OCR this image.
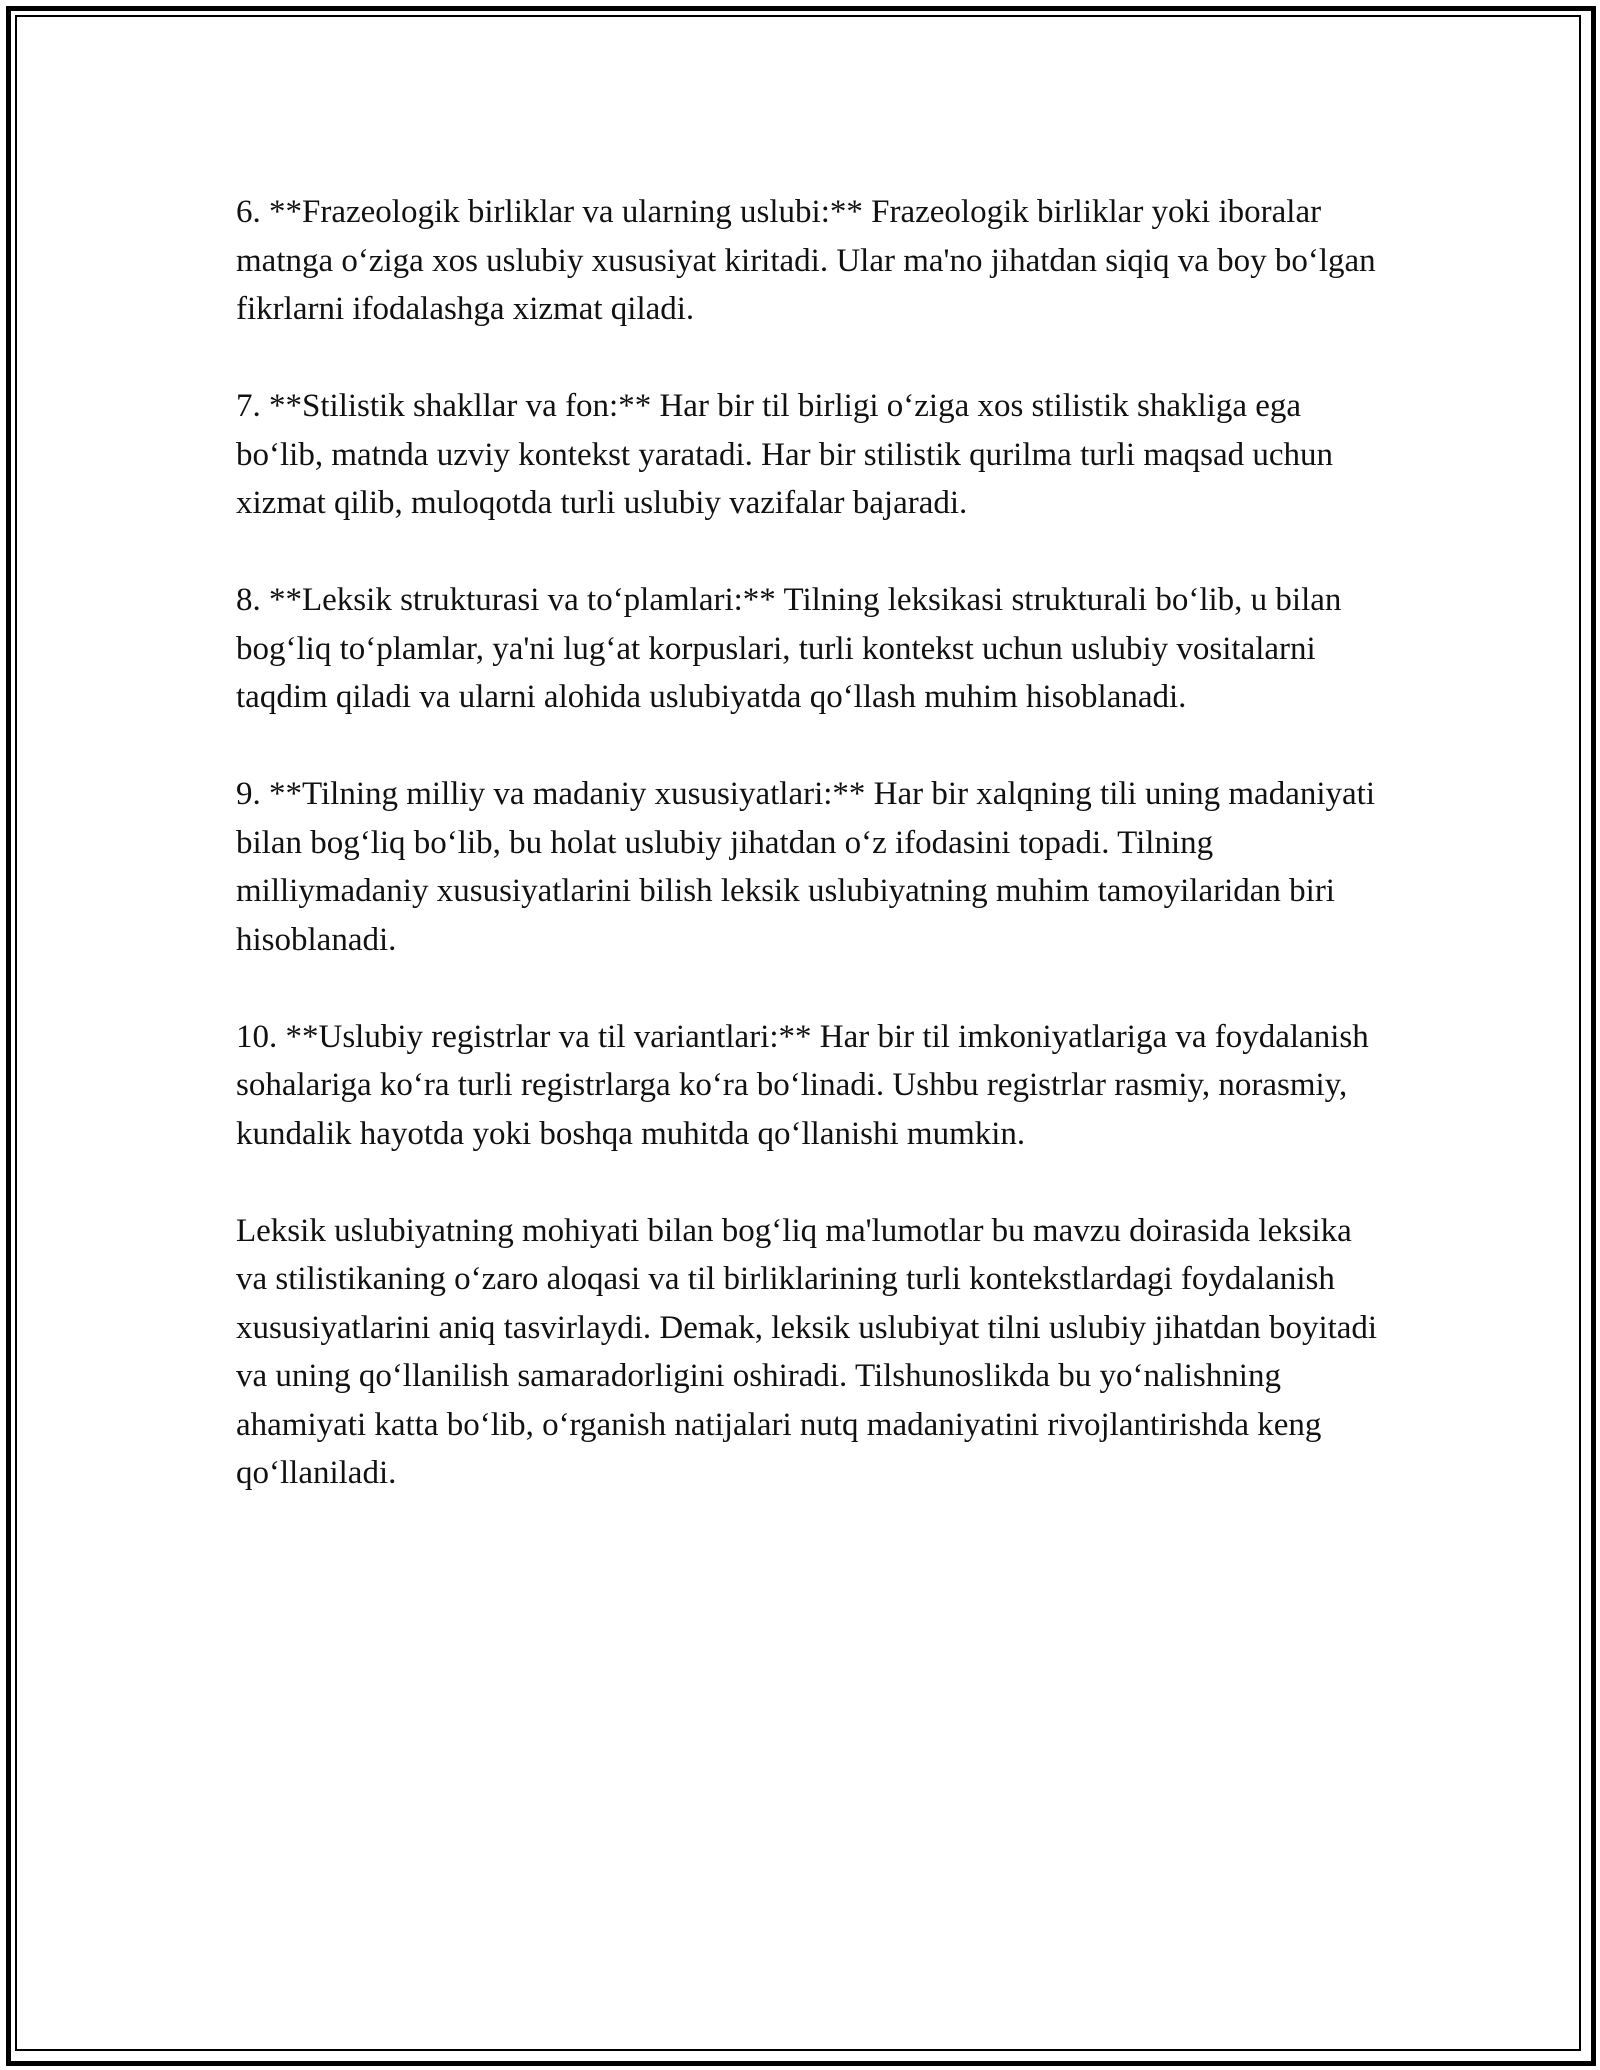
6. **Frazeologik birliklar va ularning uslubi:** Frazeologik birliklar yoki iboralar matnga o‘ziga xos uslubiy xususiyat kiritadi. Ular ma'no jihatdan siqiq va boy bo‘lgan fikrlarni ifodalashga xizmat qiladi.

7. **Stilistik shakllar va fon:** Har bir til birligi o‘ziga xos stilistik shakliga ega bo‘lib, matnda uzviy kontekst yaratadi. Har bir stilistik qurilma turli maqsad uchun xizmat qilib, muloqotda turli uslubiy vazifalar bajaradi.

8. **Leksik strukturasi va to‘plamlari:** Tilning leksikasi strukturali bo‘lib, u bilan bog‘liq to‘plamlar, ya'ni lug‘at korpuslari, turli kontekst uchun uslubiy vositalarni taqdim qiladi va ularni alohida uslubiyatda qo‘llash muhim hisoblanadi.

9. **Tilning milliy va madaniy xususiyatlari:** Har bir xalqning tili uning madaniyati bilan bog‘liq bo‘lib, bu holat uslubiy jihatdan o‘z ifodasini topadi. Tilning milliymadaniy xususiyatlarini bilish leksik uslubiyatning muhim tamoyilaridan biri hisoblanadi.

10. **Uslubiy registrlar va til variantlari:** Har bir til imkoniyatlariga va foydalanish sohalariga ko‘ra turli registrlarga ko‘ra bo‘linadi. Ushbu registrlar rasmiy, norasmiy, kundalik hayotda yoki boshqa muhitda qo‘llanishi mumkin.

Leksik uslubiyatning mohiyati bilan bog‘liq ma'lumotlar bu mavzu doirasida leksika va stilistikaning o‘zaro aloqasi va til birliklarining turli kontekstlardagi foydalanish xususiyatlarini aniq tasvirlaydi. Demak, leksik uslubiyat tilni uslubiy jihatdan boyitadi va uning qo‘llanilish samaradorligini oshiradi. Tilshunoslikda bu yo‘nalishning ahamiyati katta bo‘lib, o‘rganish natijalari nutq madaniyatini rivojlantirishda keng qo‘llaniladi.
